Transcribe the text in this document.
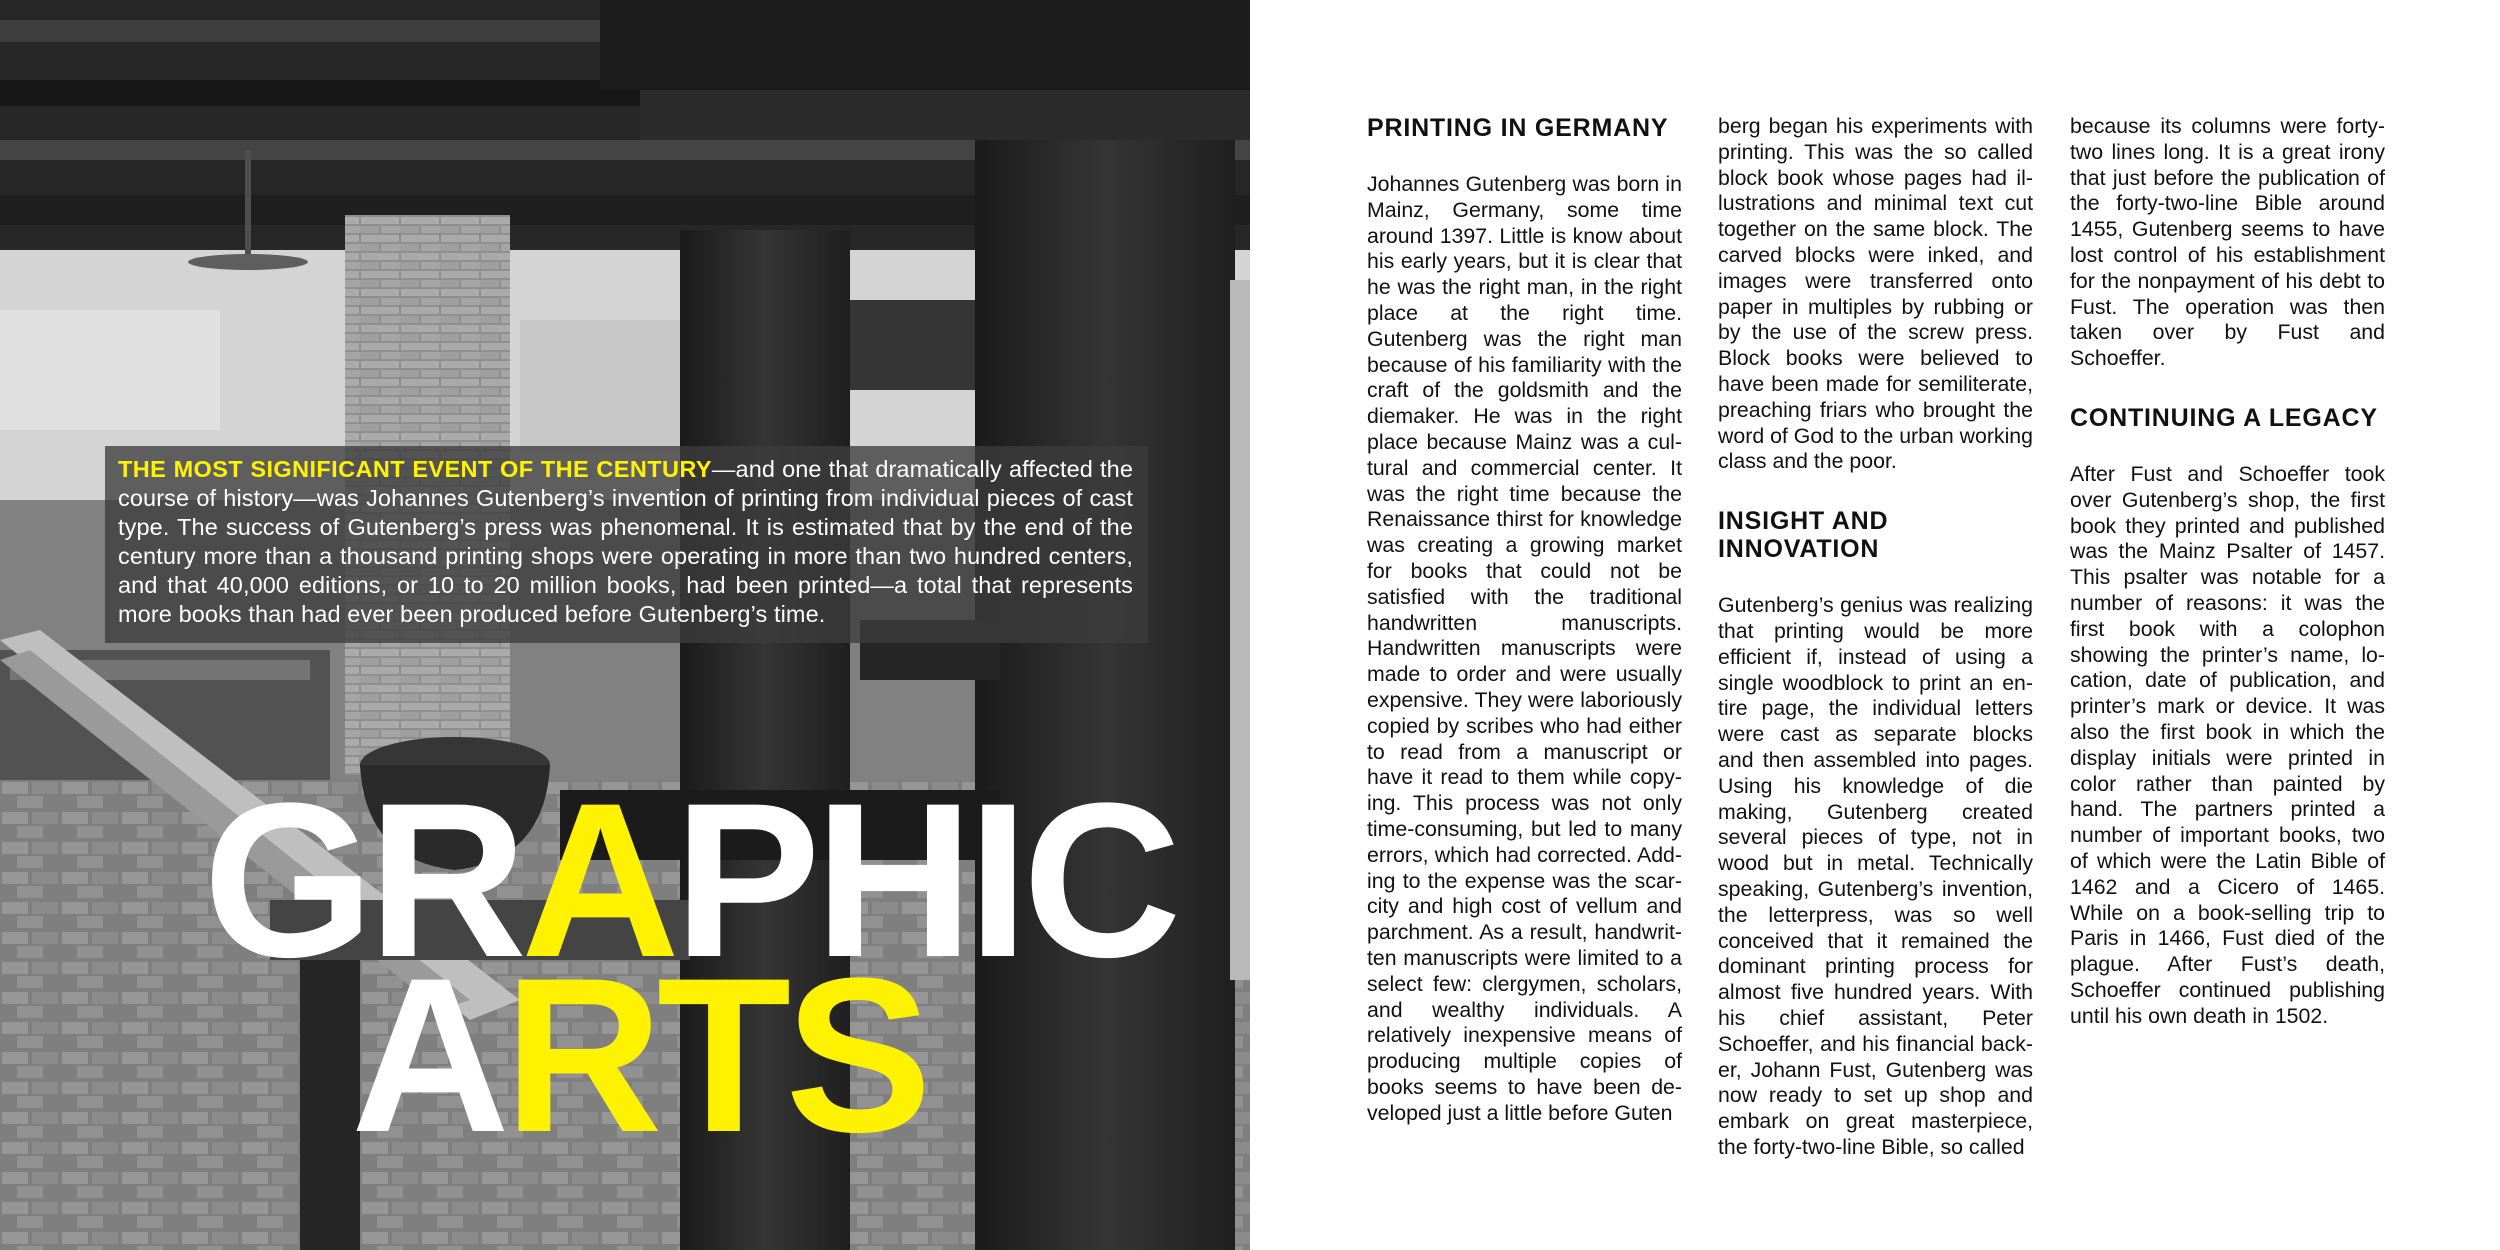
THE MOST SIGNIFICANT EVENT OF THE CENTURY—and one that dramatically affected the course of history—was Johannes Gutenberg’s invention of printing from individual pieces of cast type. The success of Gutenberg’s press was phenomenal. It is estimated that by the end of the century more than a thousand printing shops were operating in more than two hundred centers, and that 40,000 editions, or 10 to 20 million books, had been printed—a total that represents more books than had ever been produced before Gutenberg’s time.
GRAPHIC
ARTS
PRINTING IN GERMANY

Johannes Gutenberg was born in Mainz, Germany, some time around 1397. Little is know about his early years, but it is clear that he was the right man, in the right place at the right time. Gutenberg was the right man because of his familiarity with the craft of the goldsmith and the diemaker. He was in the right place because Mainz was a cultural and commercial center. It was the right time because the Renaissance thirst for knowledge was creating a growing market for books that could not be satisfied with the traditional handwritten manuscripts. Handwritten manuscripts were made to order and were usually expensive. They were laboriously copied by scribes who had either to read from a manuscript or have it read to them while copying. This process was not only time-consuming, but led to many errors, which had corrected. Adding to the expense was the scarcity and high cost of vellum and parchment. As a result, handwritten manuscripts were limited to a select few: clergymen, scholars, and wealthy individuals. A relatively inexpensive means of producing multiple copies of books seems to have been developed just a little before Guten

berg began his experiments with printing. This was the so called block book whose pages had illustrations and minimal text cut together on the same block. The carved blocks were inked, and images were transferred onto paper in multiples by rubbing or by the use of the screw press. Block books were believed to have been made for semiliterate, preaching friars who brought the word of God to the urban working class and the poor.

INSIGHT AND INNOVATION

Gutenberg’s genius was realizing that printing would be more efficient if, instead of using a single woodblock to print an entire page, the individual letters were cast as separate blocks and then assembled into pages. Using his knowledge of die making, Gutenberg created several pieces of type, not in wood but in metal. Technically speaking, Gutenberg’s invention, the letterpress, was so well conceived that it remained the dominant printing process for almost five hundred years. With his chief assistant, Peter Schoeffer, and his financial backer, Johann Fust, Gutenberg was now ready to set up shop and embark on great masterpiece, the forty-two-line Bible, so called

because its columns were forty-two lines long. It is a great irony that just before the publication of the forty-two-line Bible around 1455, Gutenberg seems to have lost control of his establishment for the nonpayment of his debt to Fust. The operation was then taken over by Fust and Schoeffer.

CONTINUING A LEGACY

After Fust and Schoeffer took over Gutenberg’s shop, the first book they printed and published was the Mainz Psalter of 1457. This psalter was notable for a number of reasons: it was the first book with a colophon showing the printer’s name, location, date of publication, and printer’s mark or device. It was also the first book in which the display initials were printed in color rather than painted by hand. The partners printed a number of important books, two of which were the Latin Bible of 1462 and a Cicero of 1465. While on a book-selling trip to Paris in 1466, Fust died of the plague. After Fust’s death, Schoeffer continued publishing until his own death in 1502.
